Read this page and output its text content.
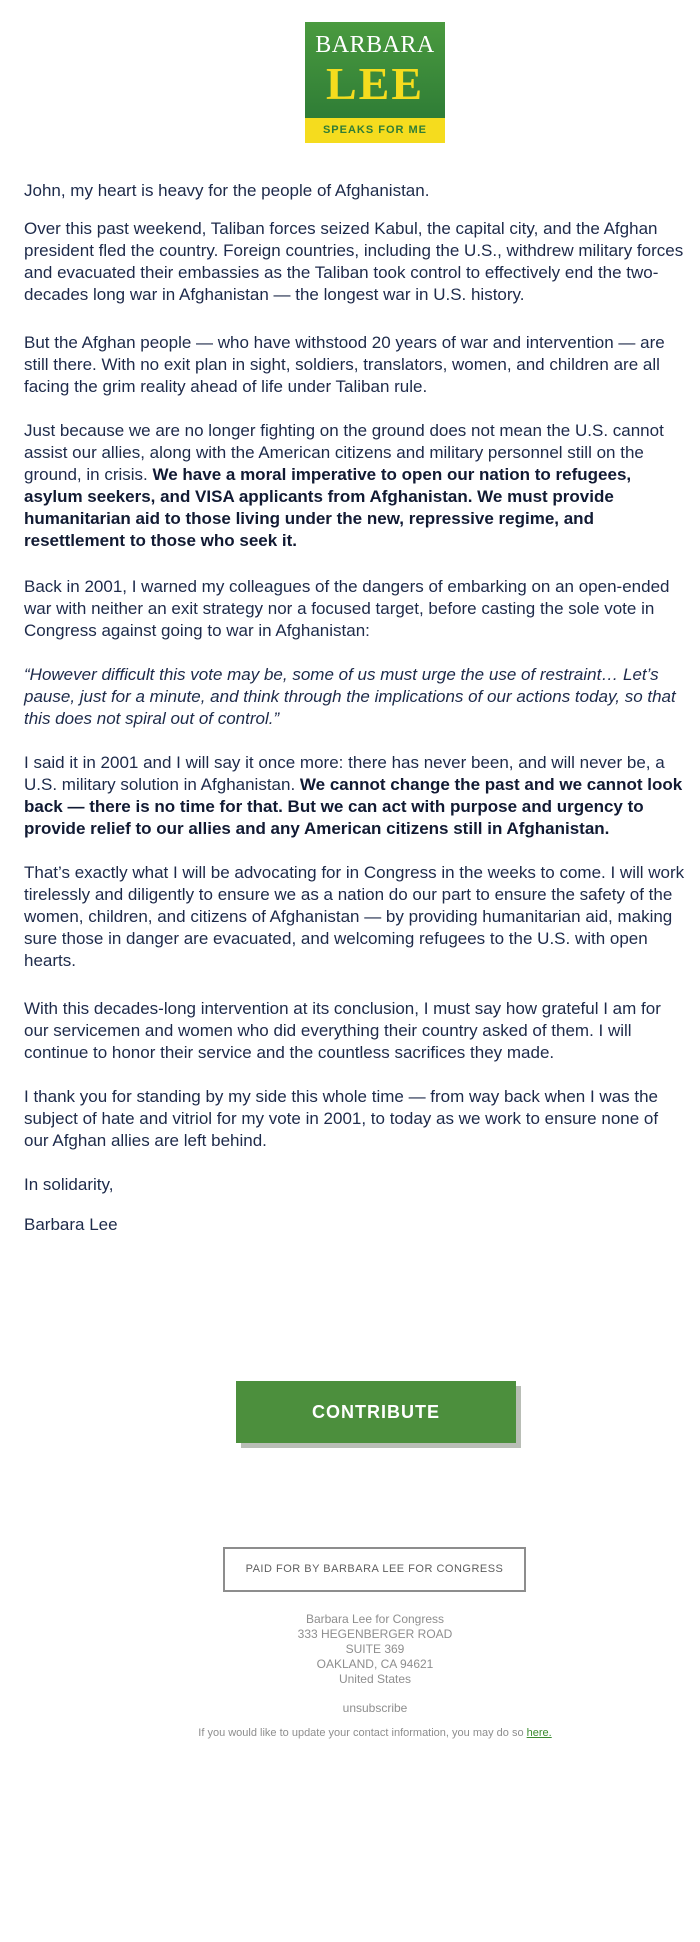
BARBARA
LEE
SPEAKS FOR ME

John, my heart is heavy for the people of Afghanistan.

Over this past weekend, Taliban forces seized Kabul, the capital city, and the Afghan
president fled the country. Foreign countries, including the U.S., withdrew military forces
and evacuated their embassies as the Taliban took control to effectively end the two-
decades long war in Afghanistan — the longest war in U.S. history.

But the Afghan people — who have withstood 20 years of war and intervention — are
still there. With no exit plan in sight, soldiers, translators, women, and children are all
facing the grim reality ahead of life under Taliban rule.

Just because we are no longer fighting on the ground does not mean the U.S. cannot
assist our allies, along with the American citizens and military personnel still on the
ground, in crisis. We have a moral imperative to open our nation to refugees,
asylum seekers, and VISA applicants from Afghanistan. We must provide
humanitarian aid to those living under the new, repressive regime, and
resettlement to those who seek it.

Back in 2001, I warned my colleagues of the dangers of embarking on an open-ended
war with neither an exit strategy nor a focused target, before casting the sole vote in
Congress against going to war in Afghanistan:

“However difficult this vote may be, some of us must urge the use of restraint… Let’s
pause, just for a minute, and think through the implications of our actions today, so that
this does not spiral out of control.”

I said it in 2001 and I will say it once more: there has never been, and will never be, a
U.S. military solution in Afghanistan. We cannot change the past and we cannot look
back — there is no time for that. But we can act with purpose and urgency to
provide relief to our allies and any American citizens still in Afghanistan.

That’s exactly what I will be advocating for in Congress in the weeks to come. I will work
tirelessly and diligently to ensure we as a nation do our part to ensure the safety of the
women, children, and citizens of Afghanistan — by providing humanitarian aid, making
sure those in danger are evacuated, and welcoming refugees to the U.S. with open
hearts.

With this decades-long intervention at its conclusion, I must say how grateful I am for
our servicemen and women who did everything their country asked of them. I will
continue to honor their service and the countless sacrifices they made.

I thank you for standing by my side this whole time — from way back when I was the
subject of hate and vitriol for my vote in 2001, to today as we work to ensure none of
our Afghan allies are left behind.

In solidarity,

Barbara Lee

CONTRIBUTE
PAID FOR BY BARBARA LEE FOR CONGRESS
Barbara Lee for Congress
333 HEGENBERGER ROAD
SUITE 369
OAKLAND, CA 94621
United States
unsubscribe
If you would like to update your contact information, you may do so here.
